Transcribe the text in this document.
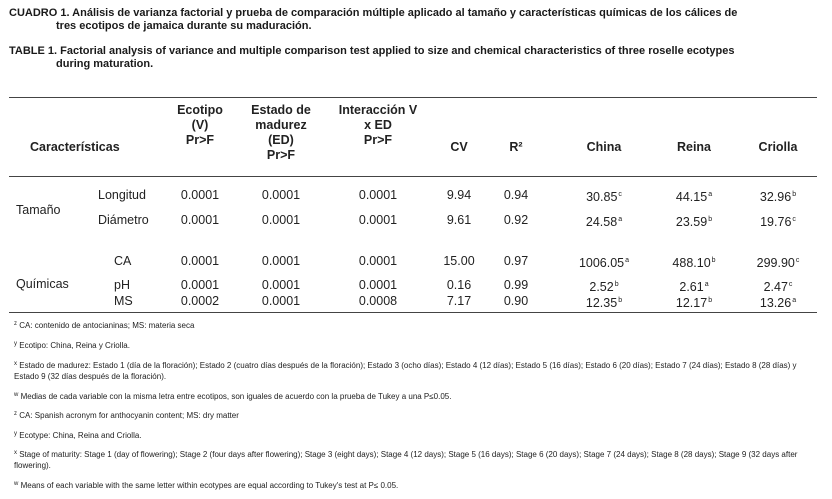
CUADRO 1. Análisis de varianza factorial y prueba de comparación múltiple aplicado al tamaño y características químicas de los cálices de
tres ecotipos de jamaica durante su maduración.
TABLE 1. Factorial analysis of variance and multiple comparison test applied to size and chemical characteristics of three roselle ecotypes
during maturation.
Características
Ecotipo
(V)
Pr>F
Estado de
madurez
(ED)
Pr>F
Interacción V
x ED
Pr>F	CV	R²	China	Reina	Criolla
Tamaño
Químicas
Longitud	0.0001	0.0001	0.0001	9.94	0.94	30.85$^c$	44.15$^a$	32.96$^b$
Diámetro	0.0001	0.0001	0.0001	9.61	0.92	24.58$^a$	23.59$^b$	19.76$^c$
CA	0.0001	0.0001	0.0001	15.00	0.97	1006.05$^a$	488.10$^b$	299.90$^c$
pH	0.0001	0.0001	0.0001	0.16	0.99	2.52$^b$	2.61$^a$	2.47$^c$
MS	0.0002	0.0001	0.0008	7.17	0.90	12.35$^b$	12.17$^b$	13.26$^a$
$^z$ CA: contenido de antocianinas; MS: materia seca
$^y$ Ecotipo: China, Reina y Criolla.
$^x$ Estado de madurez: Estado 1 (día de la floración); Estado 2 (cuatro días después de la floración); Estado 3 (ocho días); Estado 4 (12 días); Estado 5 (16 días); Estado 6 (20 días); Estado 7 (24 días); Estado 8 (28 días) y Estado 9 (32 días después de la floración).
$^w$ Medias de cada variable con la misma letra entre ecotipos, son iguales de acuerdo con la prueba de Tukey a una P≤0.05.
$^z$ CA: Spanish acronym for anthocyanin content; MS: dry matter
$^y$ Ecotype: China, Reina and Criolla.
$^x$ Stage of maturity: Stage 1 (day of flowering); Stage 2 (four days after flowering); Stage 3 (eight days); Stage 4 (12 days); Stage 5 (16 days); Stage 6 (20 days); Stage 7 (24 days); Stage 8 (28 days); Stage 9 (32 days after flowering).
$^w$ Means of each variable with the same letter within ecotypes are equal according to Tukey's test at P≤ 0.05.
